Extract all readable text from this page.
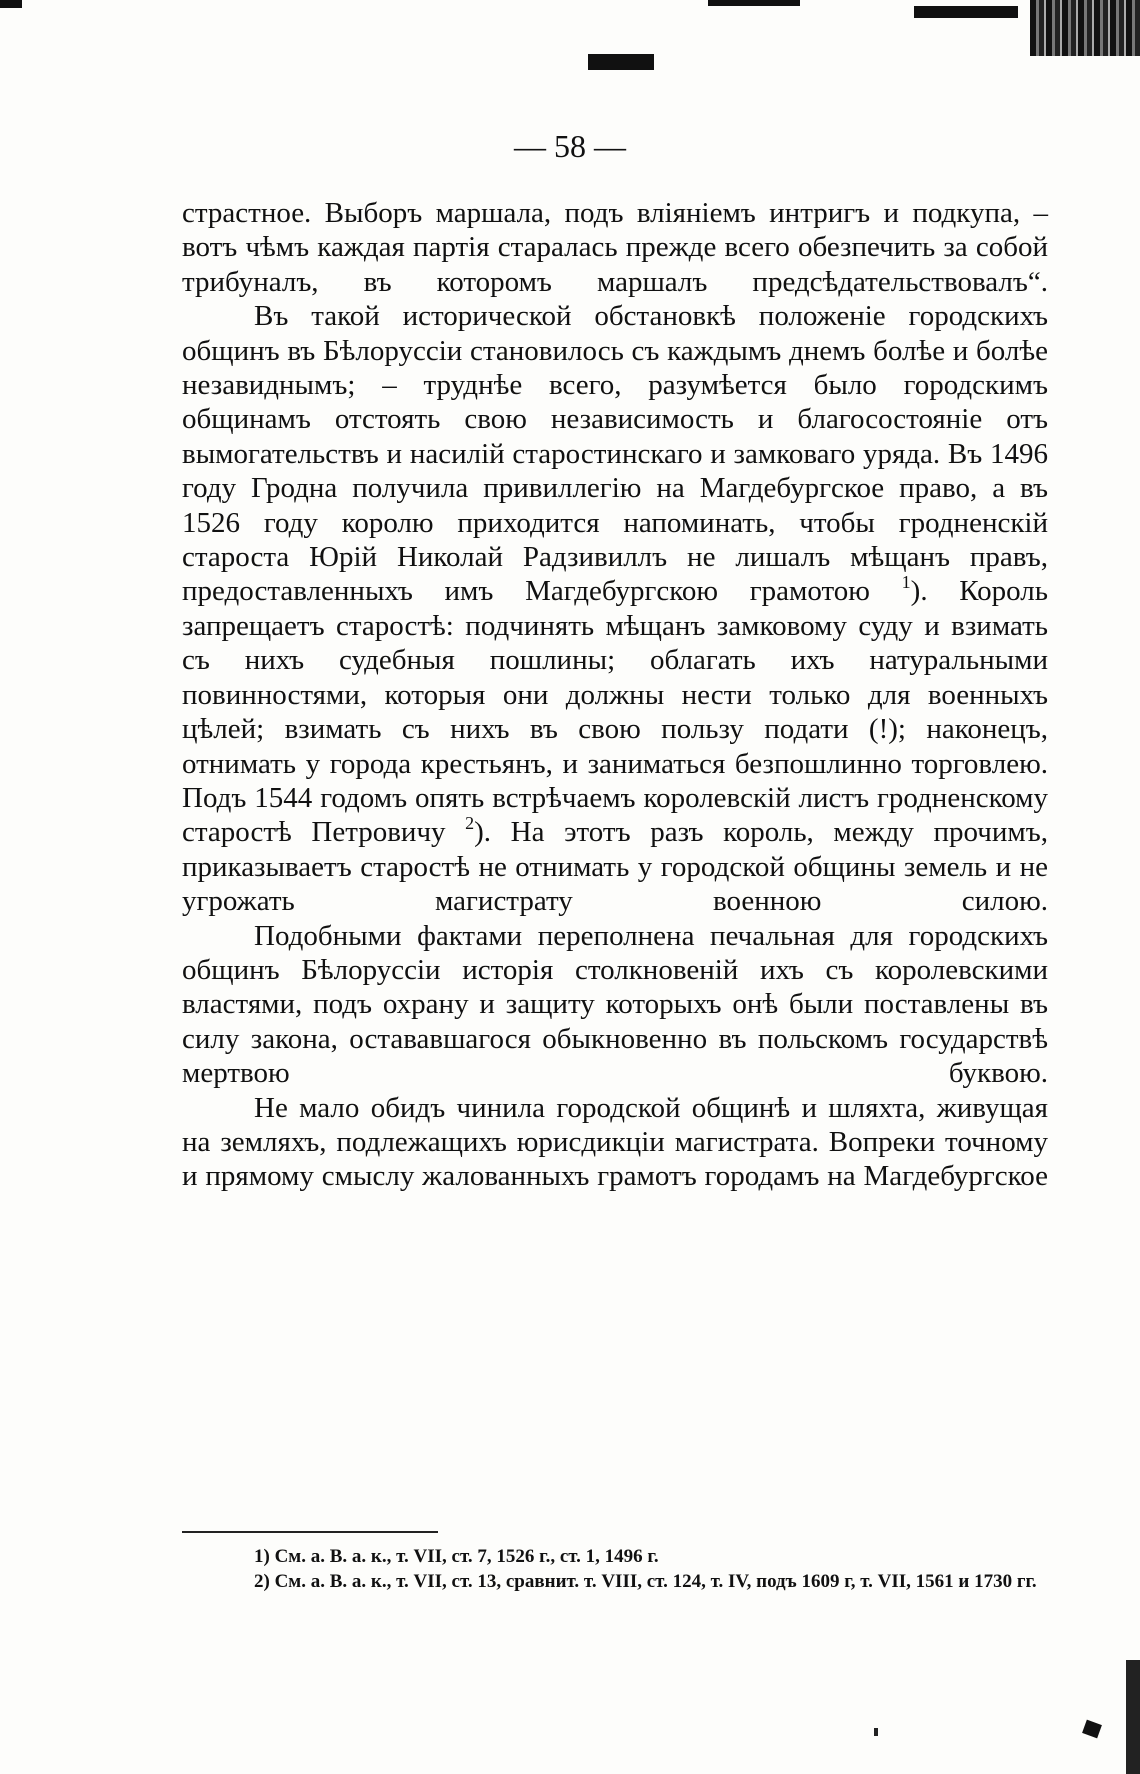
— 58 —

страстное. Выборъ маршала, подъ вліяніемъ интригъ и подкупа, – вотъ чѣмъ каждая партія старалась прежде всего обезпечить за собой трибуналъ, въ которомъ маршалъ предсѣдательствовалъ“.

Въ такой исторической обстановкѣ положеніе городскихъ общинъ въ Бѣлоруссіи становилось съ каждымъ днемъ болѣе и болѣе незавиднымъ; – труднѣе всего, разумѣется было городскимъ общинамъ отстоять свою независимость и благосостояніе отъ вымогательствъ и насилій старостинскаго и замковаго уряда. Въ 1496 году Гродна получила привиллегію на Магдебургское право, а въ 1526 году королю приходится напоминать, чтобы гродненскій староста Юрій Николай Радзивиллъ не лишалъ мѣщанъ правъ, предоставленныхъ имъ Магдебургскою грамотою $^1$). Король запрещаетъ старостѣ: подчинять мѣщанъ замковому суду и взимать съ нихъ судебныя пошлины; облагать ихъ натуральными повинностями, которыя они должны нести только для военныхъ цѣлей; взимать съ нихъ въ свою пользу подати (!); наконецъ, отнимать у города крестьянъ, и заниматься безпошлинно торговлею. Подъ 1544 годомъ опять встрѣчаемъ королевскій листъ гродненскому старостѣ Петровичу $^2$). На этотъ разъ король, между прочимъ, приказываетъ старостѣ не отнимать у городской общины земель и не угрожать магистрату военною силою.

Подобными фактами переполнена печальная для городскихъ общинъ Бѣлоруссіи исторія столкновеній ихъ съ королевскими властями, подъ охрану и защиту которыхъ онѣ были поставлены въ силу закона, остававшагося обыкновенно въ польскомъ государствѣ мертвою буквою.

Не мало обидъ чинила городской общинѣ и шляхта, живущая на земляхъ, подлежащихъ юрисдикціи магистрата. Вопреки точному и прямому смыслу жалованныхъ грамотъ городамъ на Магдебургское

1) См. а. В. а. к., т. VII, ст. 7, 1526 г., ст. 1, 1496 г.

2) См. а. В. а. к., т. VII, ст. 13, сравнит. т. VIII, ст. 124, т. IV, подъ 1609 г, т. VII, 1561 и 1730 гг.
